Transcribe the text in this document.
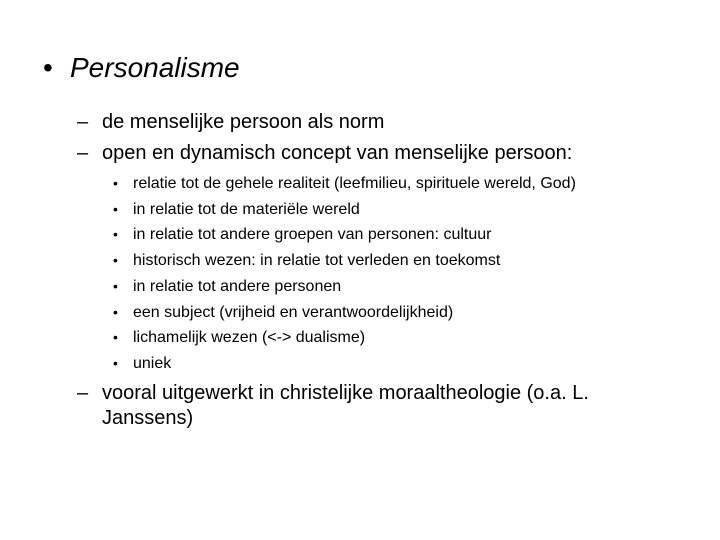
• Personalisme
– de menselijke persoon als norm
– open en dynamisch concept van menselijke persoon:
• relatie tot de gehele realiteit (leefmilieu, spirituele wereld, God)
• in relatie tot de materiële wereld
• in relatie tot andere groepen van personen: cultuur
• historisch wezen: in relatie tot verleden en toekomst
• in relatie tot andere personen
• een subject (vrijheid en verantwoordelijkheid)
• lichamelijk wezen (<-> dualisme)
• uniek
– vooral uitgewerkt in christelijke moraaltheologie (o.a. L. Janssens)
